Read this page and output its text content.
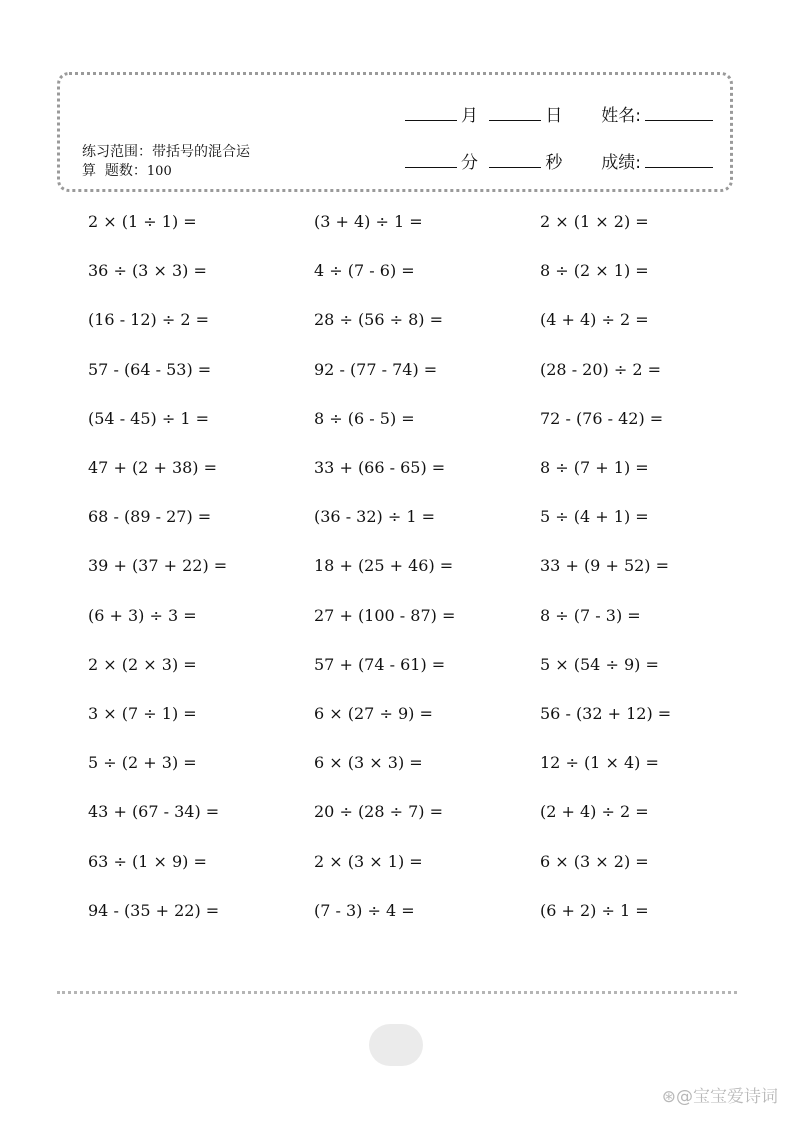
月	日 姓名:
分	秒 成绩:
练习范围：带括号的混合运
算  题数：100
2 × (1 ÷ 1) =
36 ÷ (3 × 3) =
(16 - 12) ÷ 2 =
57 - (64 - 53) =
(54 - 45) ÷ 1 =
47 + (2 + 38) =
68 - (89 - 27) =
39 + (37 + 22) =
(6 + 3) ÷ 3 =
2 × (2 × 3) =
3 × (7 ÷ 1) =
5 ÷ (2 + 3) =
43 + (67 - 34) =
63 ÷ (1 × 9) =
94 - (35 + 22) =
(3 + 4) ÷ 1 =
4 ÷ (7 - 6) =
28 ÷ (56 ÷ 8) =
92 - (77 - 74) =
8 ÷ (6 - 5) =
33 + (66 - 65) =
(36 - 32) ÷ 1 =
18 + (25 + 46) =
27 + (100 - 87) =
57 + (74 - 61) =
6 × (27 ÷ 9) =
6 × (3 × 3) =
20 ÷ (28 ÷ 7) =
2 × (3 × 1) =
(7 - 3) ÷ 4 =
2 × (1 × 2) =
8 ÷ (2 × 1) =
(4 + 4) ÷ 2 =
(28 - 20) ÷ 2 =
72 - (76 - 42) =
8 ÷ (7 + 1) =
5 ÷ (4 + 1) =
33 + (9 + 52) =
8 ÷ (7 - 3) =
5 × (54 ÷ 9) =
56 - (32 + 12) =
12 ÷ (1 × 4) =
(2 + 4) ÷ 2 =
6 × (3 × 2) =
(6 + 2) ÷ 1 =
⊛@宝宝爱诗词
